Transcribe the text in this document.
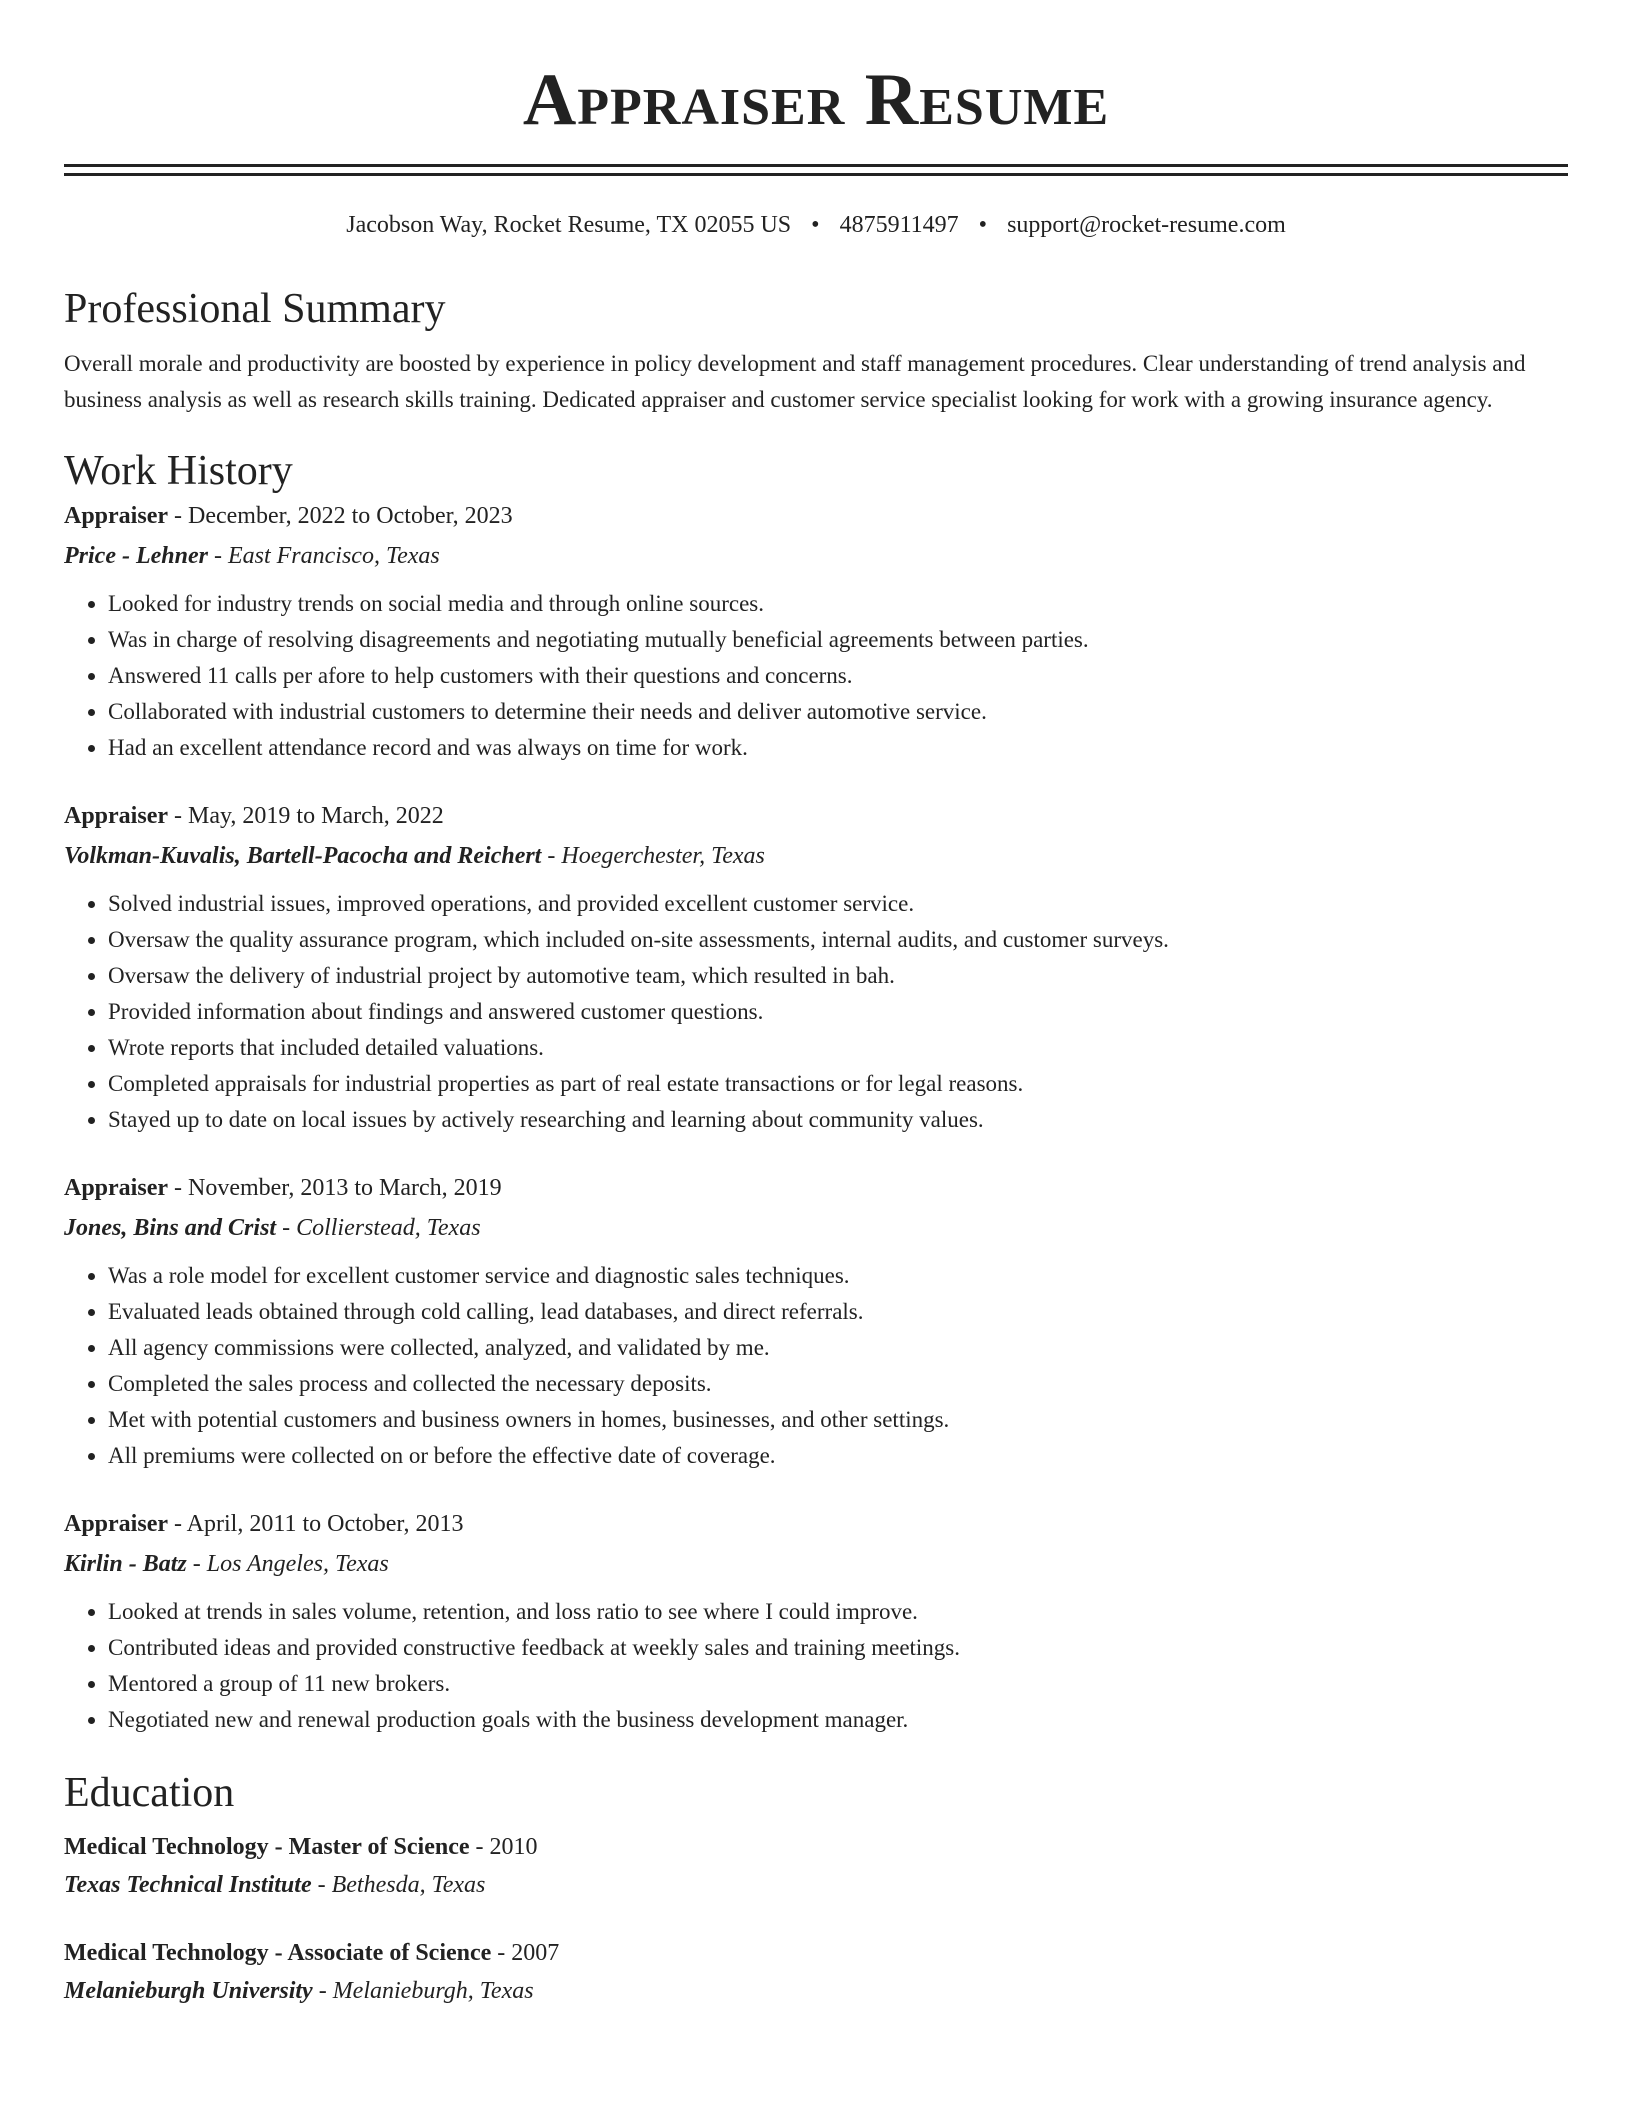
Appraiser Resume
Jacobson Way, Rocket Resume, TX 02055 US • 4875911497 • support@rocket-resume.com
Professional Summary

Overall morale and productivity are boosted by experience in policy development and staff management procedures. Clear understanding of trend analysis and business analysis as well as research skills training. Dedicated appraiser and customer service specialist looking for work with a growing insurance agency.

Work History
Appraiser - December, 2022 to October, 2023
Price - Lehner - East Francisco, Texas
• Looked for industry trends on social media and through online sources.
• Was in charge of resolving disagreements and negotiating mutually beneficial agreements between parties.
• Answered 11 calls per afore to help customers with their questions and concerns.
• Collaborated with industrial customers to determine their needs and deliver automotive service.
• Had an excellent attendance record and was always on time for work.
Appraiser - May, 2019 to March, 2022
Volkman-Kuvalis, Bartell-Pacocha and Reichert - Hoegerchester, Texas
• Solved industrial issues, improved operations, and provided excellent customer service.
• Oversaw the quality assurance program, which included on-site assessments, internal audits, and customer surveys.
• Oversaw the delivery of industrial project by automotive team, which resulted in bah.
• Provided information about findings and answered customer questions.
• Wrote reports that included detailed valuations.
• Completed appraisals for industrial properties as part of real estate transactions or for legal reasons.
• Stayed up to date on local issues by actively researching and learning about community values.
Appraiser - November, 2013 to March, 2019
Jones, Bins and Crist - Collierstead, Texas
• Was a role model for excellent customer service and diagnostic sales techniques.
• Evaluated leads obtained through cold calling, lead databases, and direct referrals.
• All agency commissions were collected, analyzed, and validated by me.
• Completed the sales process and collected the necessary deposits.
• Met with potential customers and business owners in homes, businesses, and other settings.
• All premiums were collected on or before the effective date of coverage.
Appraiser - April, 2011 to October, 2013
Kirlin - Batz - Los Angeles, Texas
• Looked at trends in sales volume, retention, and loss ratio to see where I could improve.
• Contributed ideas and provided constructive feedback at weekly sales and training meetings.
• Mentored a group of 11 new brokers.
• Negotiated new and renewal production goals with the business development manager.
Education
Medical Technology - Master of Science - 2010
Texas Technical Institute - Bethesda, Texas
Medical Technology - Associate of Science - 2007
Melanieburgh University - Melanieburgh, Texas
